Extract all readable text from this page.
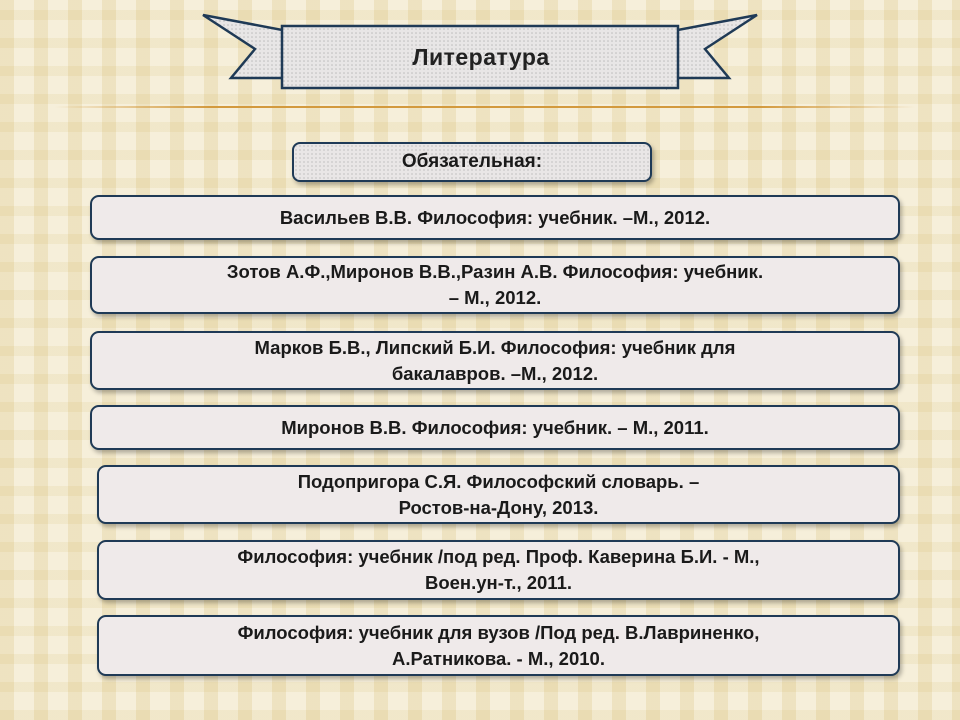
Литература
Обязательная:
Васильев В.В. Философия: учебник. –М., 2012.
Зотов А.Ф.,Миронов В.В.,Разин А.В. Философия: учебник.
– М., 2012.
Марков Б.В., Липский Б.И. Философия: учебник для
бакалавров. –М., 2012.
Миронов В.В. Философия: учебник. – М., 2011.
Подопригора С.Я. Философский словарь. –
Ростов-на-Дону, 2013.
Философия: учебник /под ред. Проф. Каверина Б.И. - М.,
Воен.ун-т., 2011.
Философия: учебник для вузов /Под ред. В.Лавриненко,
А.Ратникова. - М., 2010.
